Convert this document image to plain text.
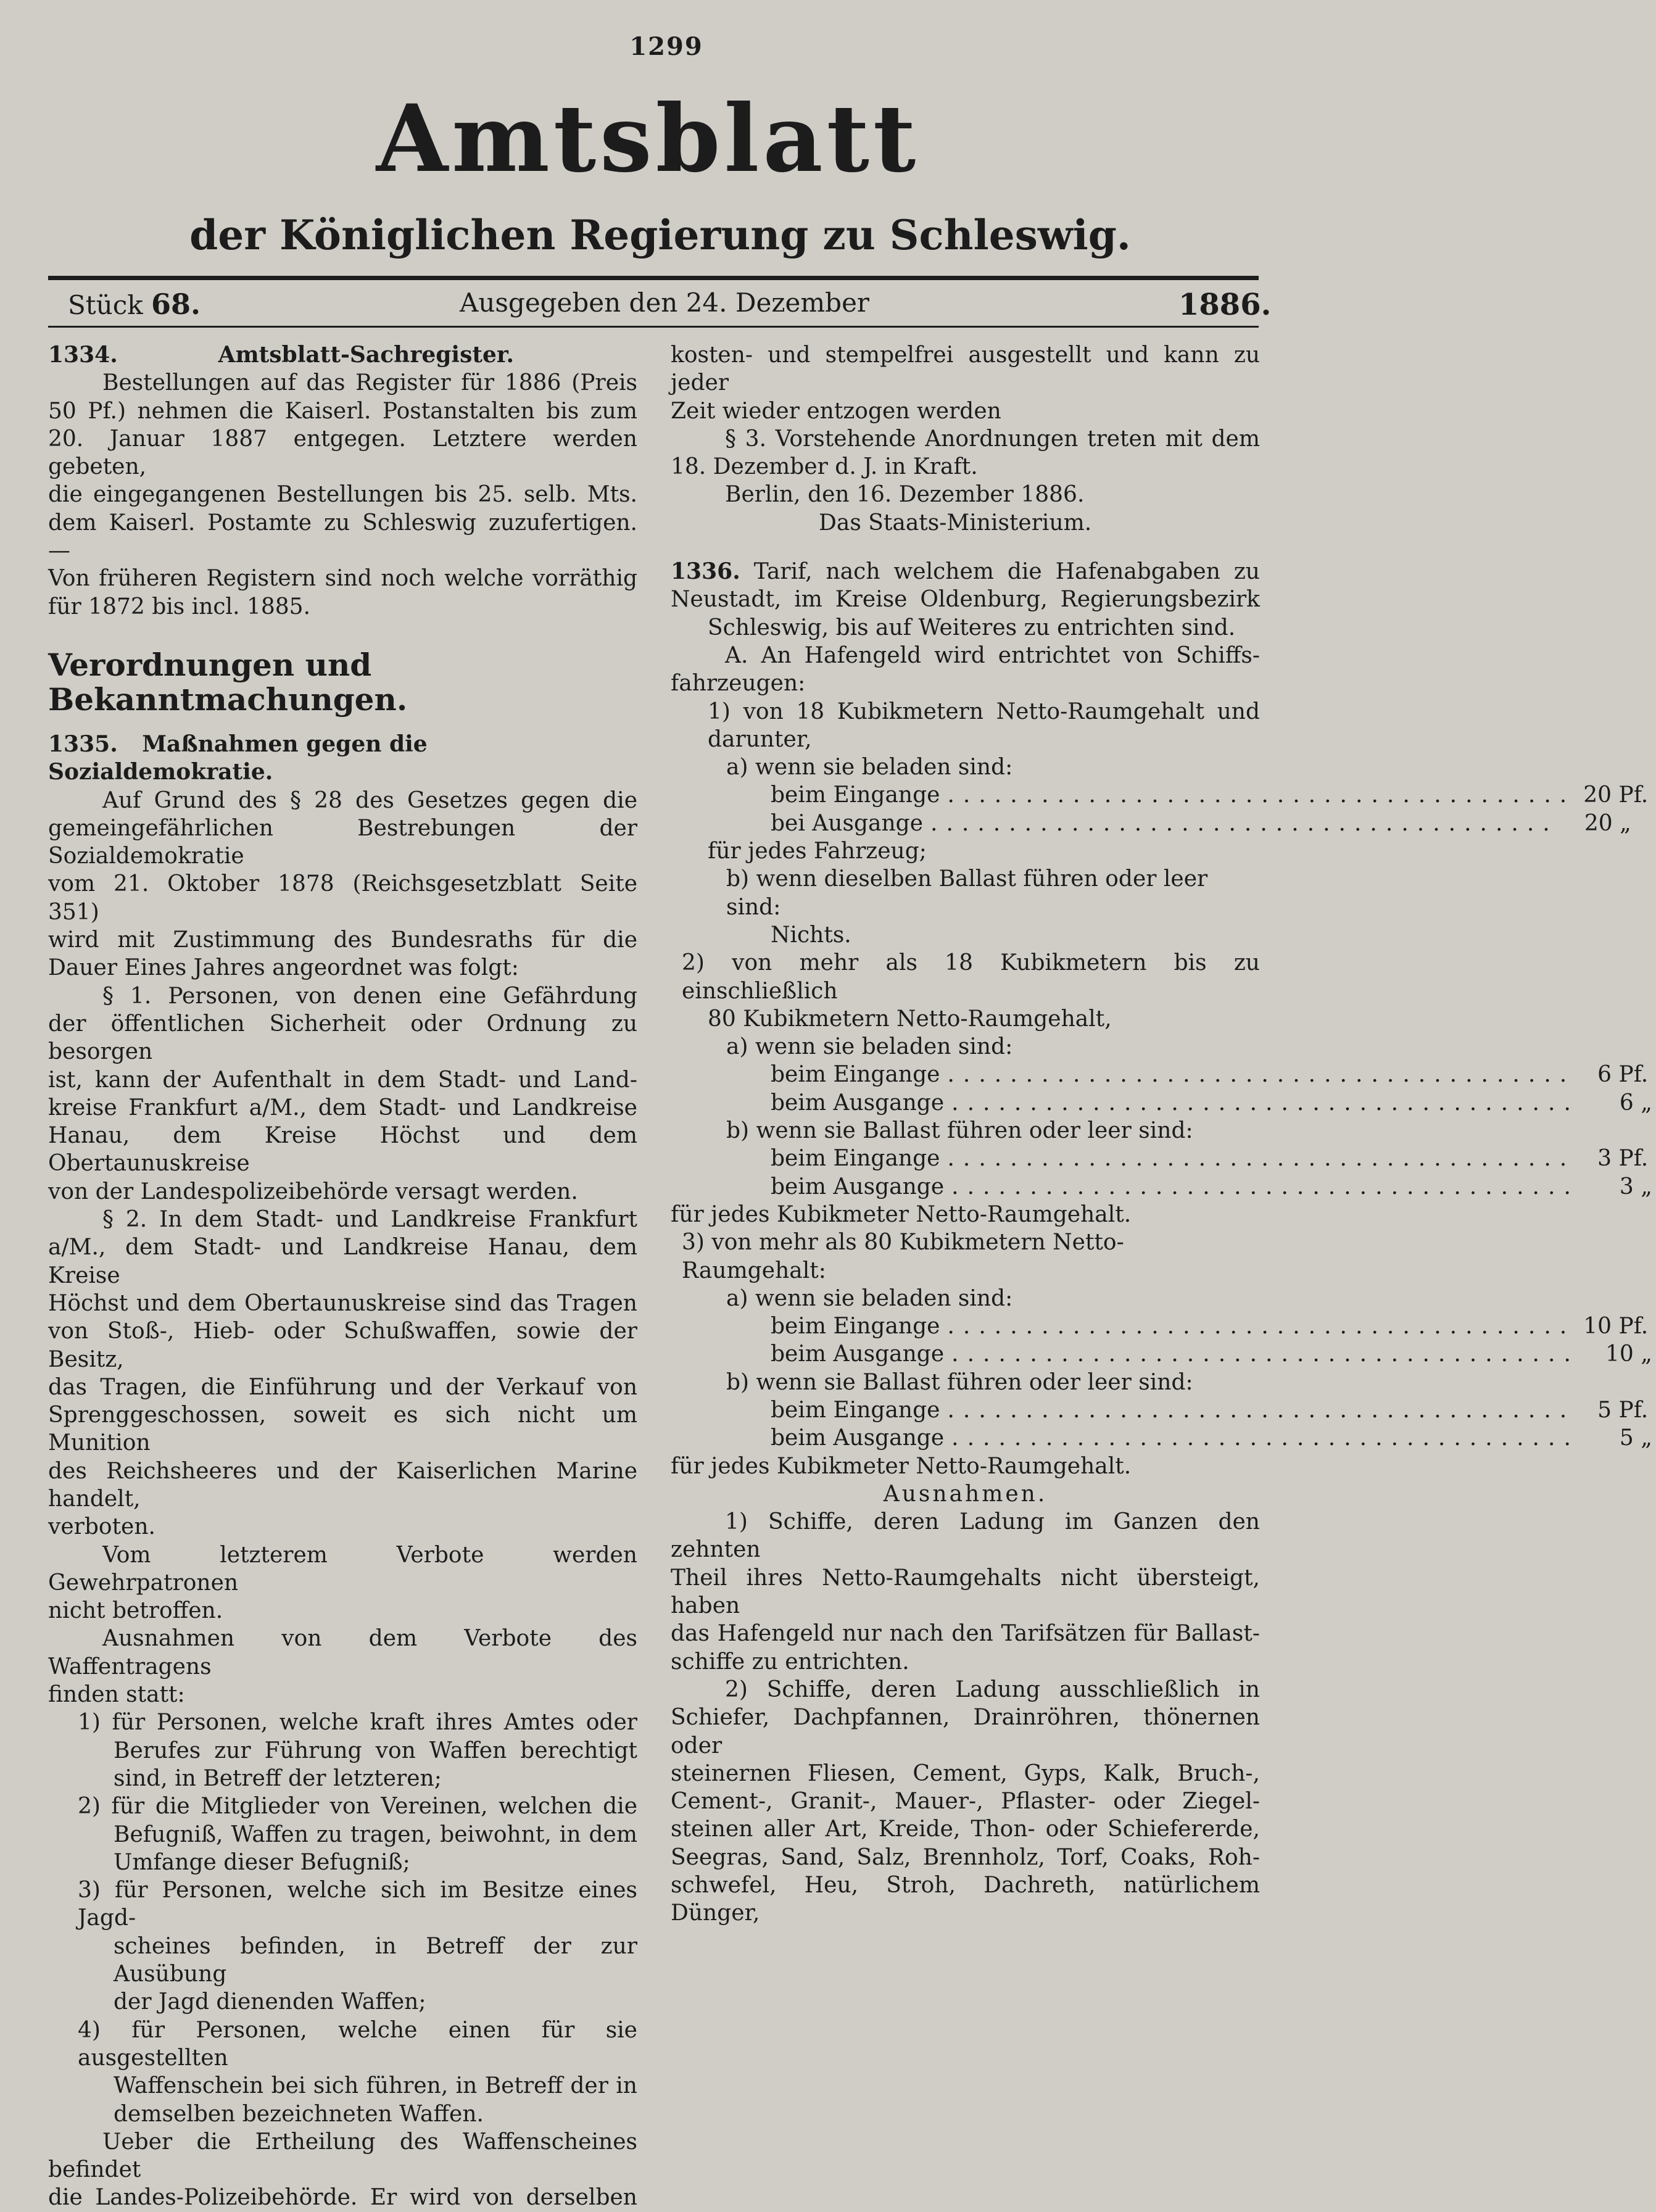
1299
Amtsblatt
der Königlichen Regierung zu Schleswig.
Stück 68.	Ausgegeben den 24. Dezember	1886.

1334.	Amtsblatt-Sachregister.

Bestellungen auf das Register für 1886 (Preis

50 Pf.) nehmen die Kaiserl. Postanstalten bis zum

20. Januar 1887 entgegen. Letztere werden gebeten,

die eingegangenen Bestellungen bis 25. selb. Mts.

dem Kaiserl. Postamte zu Schleswig zuzufertigen. —

Von früheren Registern sind noch welche vorräthig

für 1872 bis incl. 1885.

Verordnungen und Bekanntmachungen.

1335. Maßnahmen gegen die Sozialdemokratie.

Auf Grund des § 28 des Gesetzes gegen die

gemeingefährlichen Bestrebungen der Sozialdemokratie

vom 21. Oktober 1878 (Reichsgesetzblatt Seite 351)

wird mit Zustimmung des Bundesraths für die

Dauer Eines Jahres angeordnet was folgt:

§ 1. Personen, von denen eine Gefährdung

der öffentlichen Sicherheit oder Ordnung zu besorgen

ist, kann der Aufenthalt in dem Stadt- und Land-

kreise Frankfurt a/M., dem Stadt- und Landkreise

Hanau, dem Kreise Höchst und dem Obertaunuskreise

von der Landespolizeibehörde versagt werden.

§ 2. In dem Stadt- und Landkreise Frankfurt

a/M., dem Stadt- und Landkreise Hanau, dem Kreise

Höchst und dem Obertaunuskreise sind das Tragen

von Stoß-, Hieb- oder Schußwaffen, sowie der Besitz,

das Tragen, die Einführung und der Verkauf von

Sprenggeschossen, soweit es sich nicht um Munition

des Reichsheeres und der Kaiserlichen Marine handelt,

verboten.

Vom letzterem Verbote werden Gewehrpatronen

nicht betroffen.

Ausnahmen von dem Verbote des Waffentragens

finden statt:

1) für Personen, welche kraft ihres Amtes oder

Berufes zur Führung von Waffen berechtigt

sind, in Betreff der letzteren;

2) für die Mitglieder von Vereinen, welchen die

Befugniß, Waffen zu tragen, beiwohnt, in dem

Umfange dieser Befugniß;

3) für Personen, welche sich im Besitze eines Jagd-

scheines befinden, in Betreff der zur Ausübung

der Jagd dienenden Waffen;

4) für Personen, welche einen für sie ausgestellten

Waffenschein bei sich führen, in Betreff der in

demselben bezeichneten Waffen.

Ueber die Ertheilung des Waffenscheines befindet

die Landes-Polizeibehörde. Er wird von derselben

kosten- und stempelfrei ausgestellt und kann zu jeder

Zeit wieder entzogen werden

§ 3. Vorstehende Anordnungen treten mit dem

18. Dezember d. J. in Kraft.

Berlin, den 16. Dezember 1886.

Das Staats-Ministerium.

1336. Tarif, nach welchem die Hafenabgaben zu

Neustadt, im Kreise Oldenburg, Regierungsbezirk

Schleswig, bis auf Weiteres zu entrichten sind.

A. An Hafengeld wird entrichtet von Schiffs-

fahrzeugen:

1) von 18 Kubikmetern Netto-Raumgehalt und

darunter,

a) wenn sie beladen sind:

beim Eingange ........................................ 20 Pf.
bei Ausgange ........................................	20 „

für jedes Fahrzeug;

b) wenn dieselben Ballast führen oder leer sind:

Nichts.

2) von mehr als 18 Kubikmetern bis zu einschließlich

80 Kubikmetern Netto-Raumgehalt,

a) wenn sie beladen sind:

beim Eingange ........................................ 6 Pf.
beim Ausgange ........................................	6 „

b) wenn sie Ballast führen oder leer sind:

beim Eingange ........................................ 3 Pf.
beim Ausgange ........................................	3 „

für jedes Kubikmeter Netto-Raumgehalt.

3) von mehr als 80 Kubikmetern Netto-Raumgehalt:

a) wenn sie beladen sind:

beim Eingange ........................................ 10 Pf.
beim Ausgange ........................................	10 „

b) wenn sie Ballast führen oder leer sind:

beim Eingange ........................................ 5 Pf.
beim Ausgange ........................................	5 „

für jedes Kubikmeter Netto-Raumgehalt.

Ausnahmen.

1) Schiffe, deren Ladung im Ganzen den zehnten

Theil ihres Netto-Raumgehalts nicht übersteigt, haben

das Hafengeld nur nach den Tarifsätzen für Ballast-

schiffe zu entrichten.

2) Schiffe, deren Ladung ausschließlich in

Schiefer, Dachpfannen, Drainröhren, thönernen oder

steinernen Fliesen, Cement, Gyps, Kalk, Bruch-,

Cement-, Granit-, Mauer-, Pflaster- oder Ziegel-

steinen aller Art, Kreide, Thon- oder Schiefererde,

Seegras, Sand, Salz, Brennholz, Torf, Coaks, Roh-

schwefel, Heu, Stroh, Dachreth, natürlichem Dünger,
